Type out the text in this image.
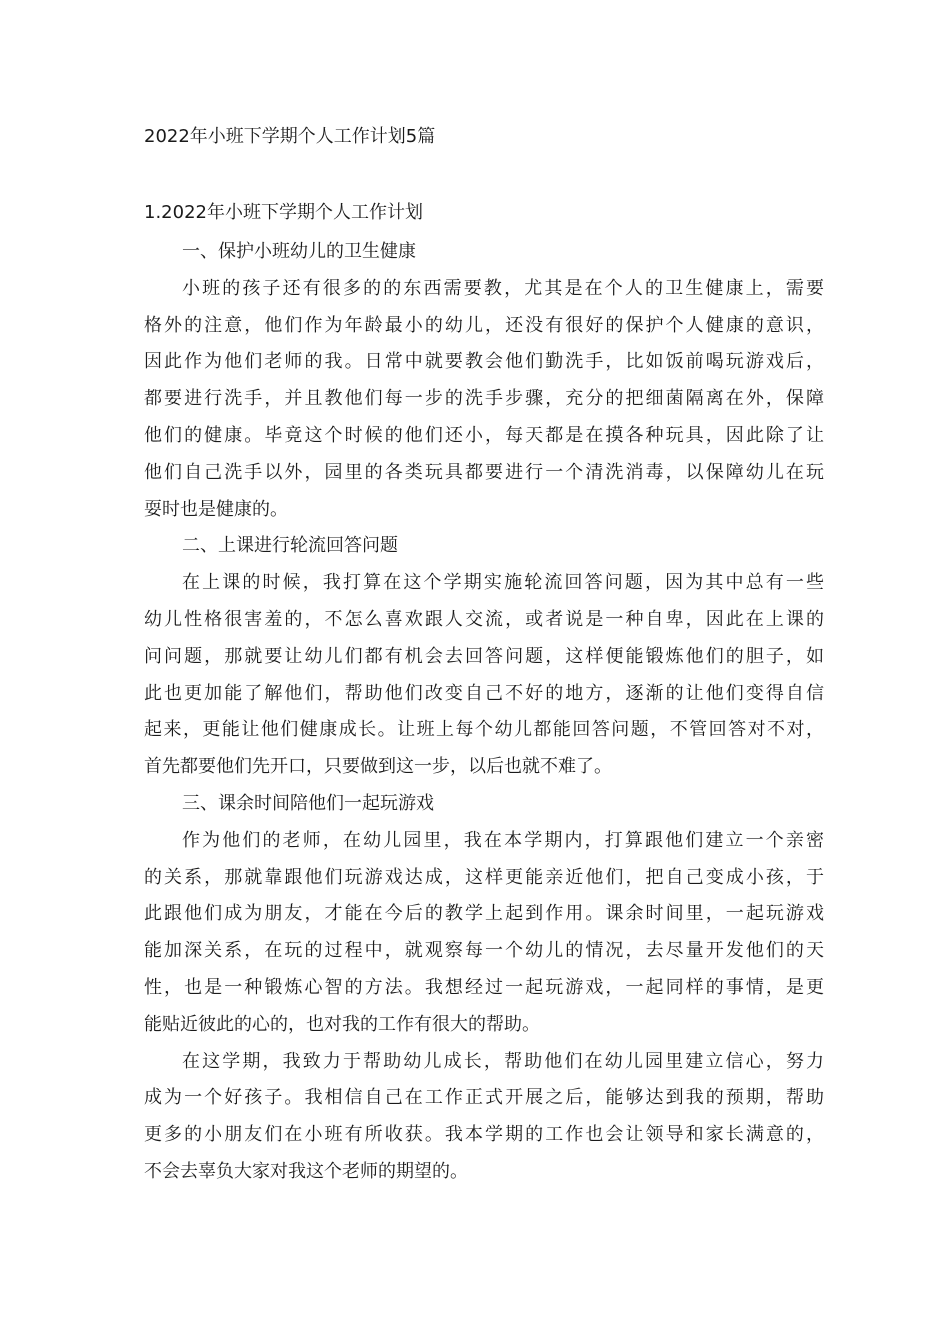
2022年小班下学期个人工作计划5篇
1.2022年小班下学期个人工作计划
一、保护小班幼儿的卫生健康

小班的孩子还有很多的的东西需要教，尤其是在个人的卫生健康上，需要
格外的注意，他们作为年龄最小的幼儿，还没有很好的保护个人健康的意识，
因此作为他们老师的我。日常中就要教会他们勤洗手，比如饭前喝玩游戏后，
都要进行洗手，并且教他们每一步的洗手步骤，充分的把细菌隔离在外，保障
他们的健康。毕竟这个时候的他们还小，每天都是在摸各种玩具，因此除了让
他们自己洗手以外，园里的各类玩具都要进行一个清洗消毒，以保障幼儿在玩
耍时也是健康的。

二、上课进行轮流回答问题

在上课的时候，我打算在这个学期实施轮流回答问题，因为其中总有一些
幼儿性格很害羞的，不怎么喜欢跟人交流，或者说是一种自卑，因此在上课的
问问题，那就要让幼儿们都有机会去回答问题，这样便能锻炼他们的胆子，如
此也更加能了解他们，帮助他们改变自己不好的地方，逐渐的让他们变得自信
起来，更能让他们健康成长。让班上每个幼儿都能回答问题，不管回答对不对，
首先都要他们先开口，只要做到这一步，以后也就不难了。

三、课余时间陪他们一起玩游戏

作为他们的老师，在幼儿园里，我在本学期内，打算跟他们建立一个亲密
的关系，那就靠跟他们玩游戏达成，这样更能亲近他们，把自己变成小孩，于
此跟他们成为朋友，才能在今后的教学上起到作用。课余时间里，一起玩游戏
能加深关系，在玩的过程中，就观察每一个幼儿的情况，去尽量开发他们的天
性，也是一种锻炼心智的方法。我想经过一起玩游戏，一起同样的事情，是更
能贴近彼此的心的，也对我的工作有很大的帮助。

在这学期，我致力于帮助幼儿成长，帮助他们在幼儿园里建立信心，努力
成为一个好孩子。我相信自己在工作正式开展之后，能够达到我的预期，帮助
更多的小朋友们在小班有所收获。我本学期的工作也会让领导和家长满意的，
不会去辜负大家对我这个老师的期望的。
